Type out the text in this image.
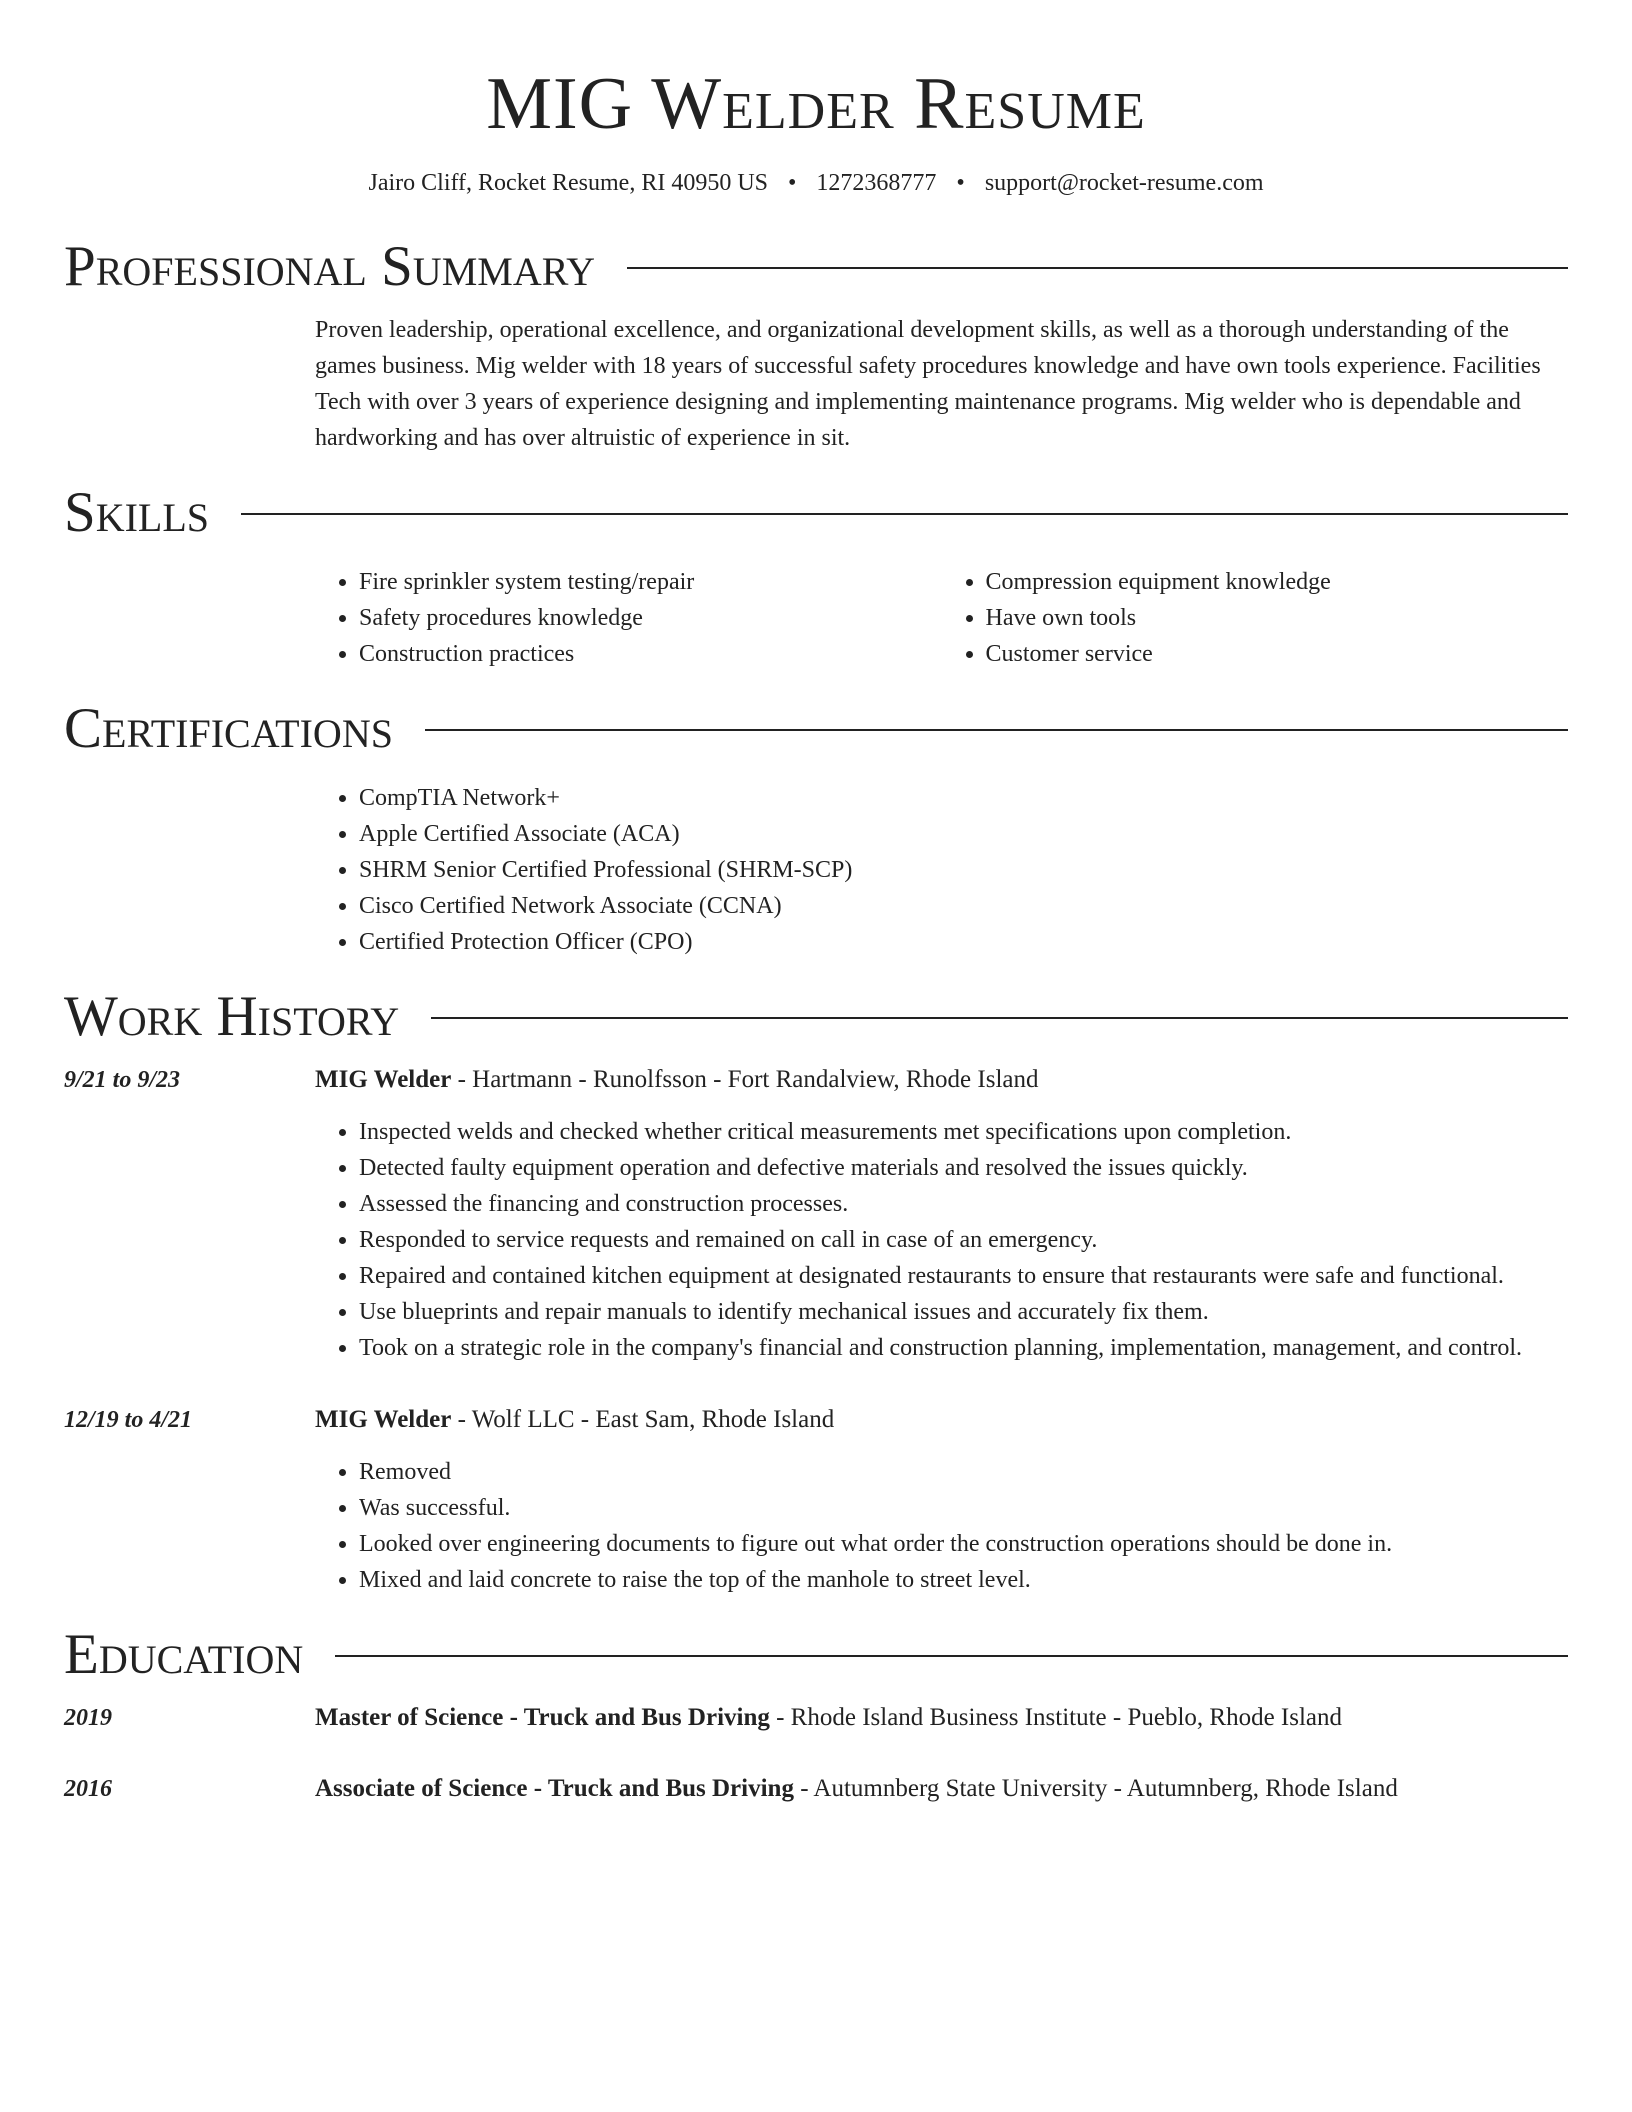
MIG Welder Resume
Jairo Cliff, Rocket Resume, RI 40950 US • 1272368777 • support@rocket-resume.com
Professional Summary

Proven leadership, operational excellence, and organizational development skills, as well as a thorough understanding of the games business. Mig welder with 18 years of successful safety procedures knowledge and have own tools experience. Facilities Tech with over 3 years of experience designing and implementing maintenance programs. Mig welder who is dependable and hardworking and has over altruistic of experience in sit.

Skills
• Fire sprinkler system testing/repair
• Safety procedures knowledge
• Construction practices
• Compression equipment knowledge
• Have own tools
• Customer service
Certifications
• CompTIA Network+
• Apple Certified Associate (ACA)
• SHRM Senior Certified Professional (SHRM-SCP)
• Cisco Certified Network Associate (CCNA)
• Certified Protection Officer (CPO)
Work History
9/21 to 9/23	MIG Welder - Hartmann - Runolfsson - Fort Randalview, Rhode Island
• Inspected welds and checked whether critical measurements met specifications upon completion.
• Detected faulty equipment operation and defective materials and resolved the issues quickly.
• Assessed the financing and construction processes.
• Responded to service requests and remained on call in case of an emergency.
• Repaired and contained kitchen equipment at designated restaurants to ensure that restaurants were safe and functional.
• Use blueprints and repair manuals to identify mechanical issues and accurately fix them.
• Took on a strategic role in the company's financial and construction planning, implementation, management, and control.
12/19 to 4/21	MIG Welder - Wolf LLC - East Sam, Rhode Island
• Removed
• Was successful.
• Looked over engineering documents to figure out what order the construction operations should be done in.
• Mixed and laid concrete to raise the top of the manhole to street level.
Education
2019	Master of Science - Truck and Bus Driving - Rhode Island Business Institute - Pueblo, Rhode Island
2016	Associate of Science - Truck and Bus Driving - Autumnberg State University - Autumnberg, Rhode Island
